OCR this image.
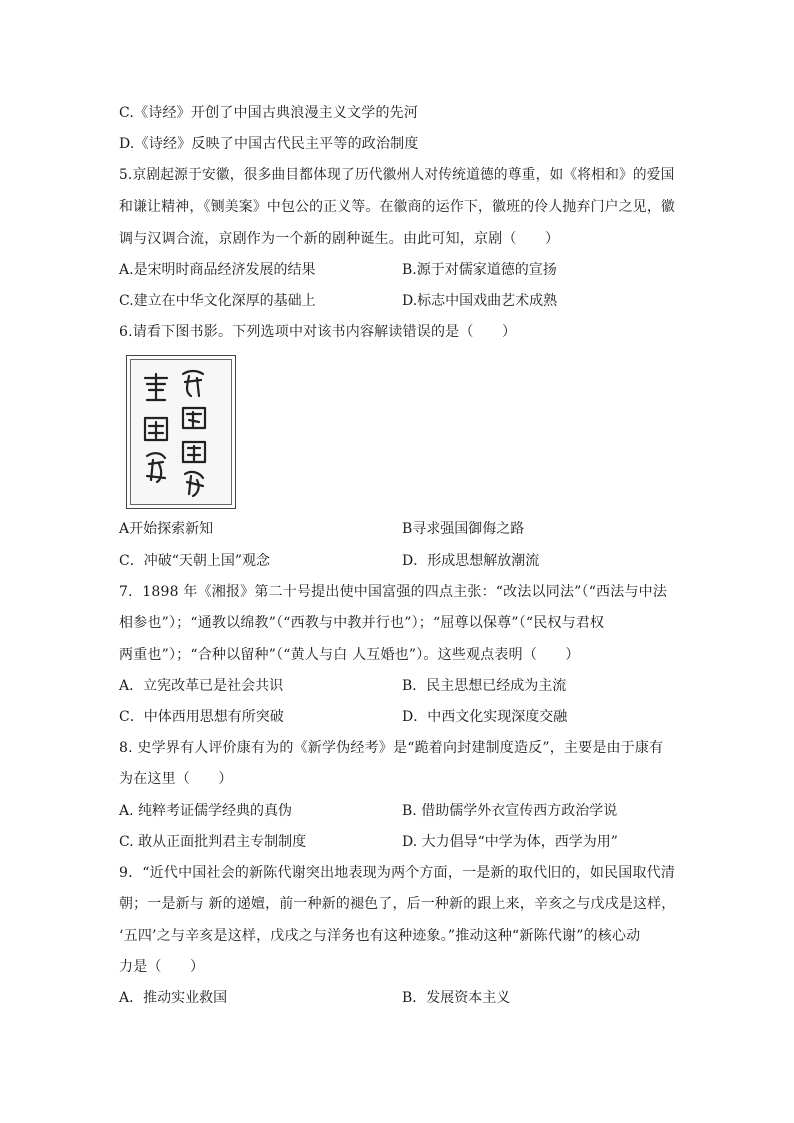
C.《诗经》开创了中国古典浪漫主义文学的先河
D.《诗经》反映了中国古代民主平等的政治制度
5.京剧起源于安徽，很多曲目都体现了历代徽州人对传统道德的尊重，如《将相和》的爱国
和谦让精神，《铡美案》中包公的正义等。在徽商的运作下，徽班的伶人抛弃门户之见，徽
调与汉调合流，京剧作为一个新的剧种诞生。由此可知，京剧（　　）
A.是宋明时商品经济发展的结果	B.源于对儒家道德的宣扬
C.建立在中华文化深厚的基础上	D.标志中国戏曲艺术成熟
6.请看下图书影。下列选项中对该书内容解读错误的是（　　）
A开始探索新知	B寻求强国御侮之路
C．冲破“天朝上国”观念	D．形成思想解放潮流
7．1898 年《湘报》第二十号提出使中国富强的四点主张：“改法以同法”（“西法与中法
相参也”）；“通教以绵教”（“西教与中教并行也”）；“屈尊以保尊”（“民权与君权
两重也”）；“合种以留种”（“黄人与白 人互婚也”）。这些观点表明（　　）
A．立宪改革已是社会共识	B．民主思想已经成为主流
C．中体西用思想有所突破	D．中西文化实现深度交融
8. 史学界有人评价康有为的《新学伪经考》是“跪着向封建制度造反”，主要是由于康有
为在这里（　　）
A. 纯粹考证儒学经典的真伪	B. 借助儒学外衣宣传西方政治学说
C. 敢从正面批判君主专制制度	D. 大力倡导“中学为体，西学为用”
9．“近代中国社会的新陈代谢突出地表现为两个方面，一是新的取代旧的，如民国取代清
朝；一是新与 新的递嬗，前一种新的褪色了，后一种新的跟上来，辛亥之与戊戌是这样，
‘五四’之与辛亥是这样，戊戌之与洋务也有这种迹象。”推动这种“新陈代谢”的核心动
力是（　　）
A．推动实业救国	B．发展资本主义
